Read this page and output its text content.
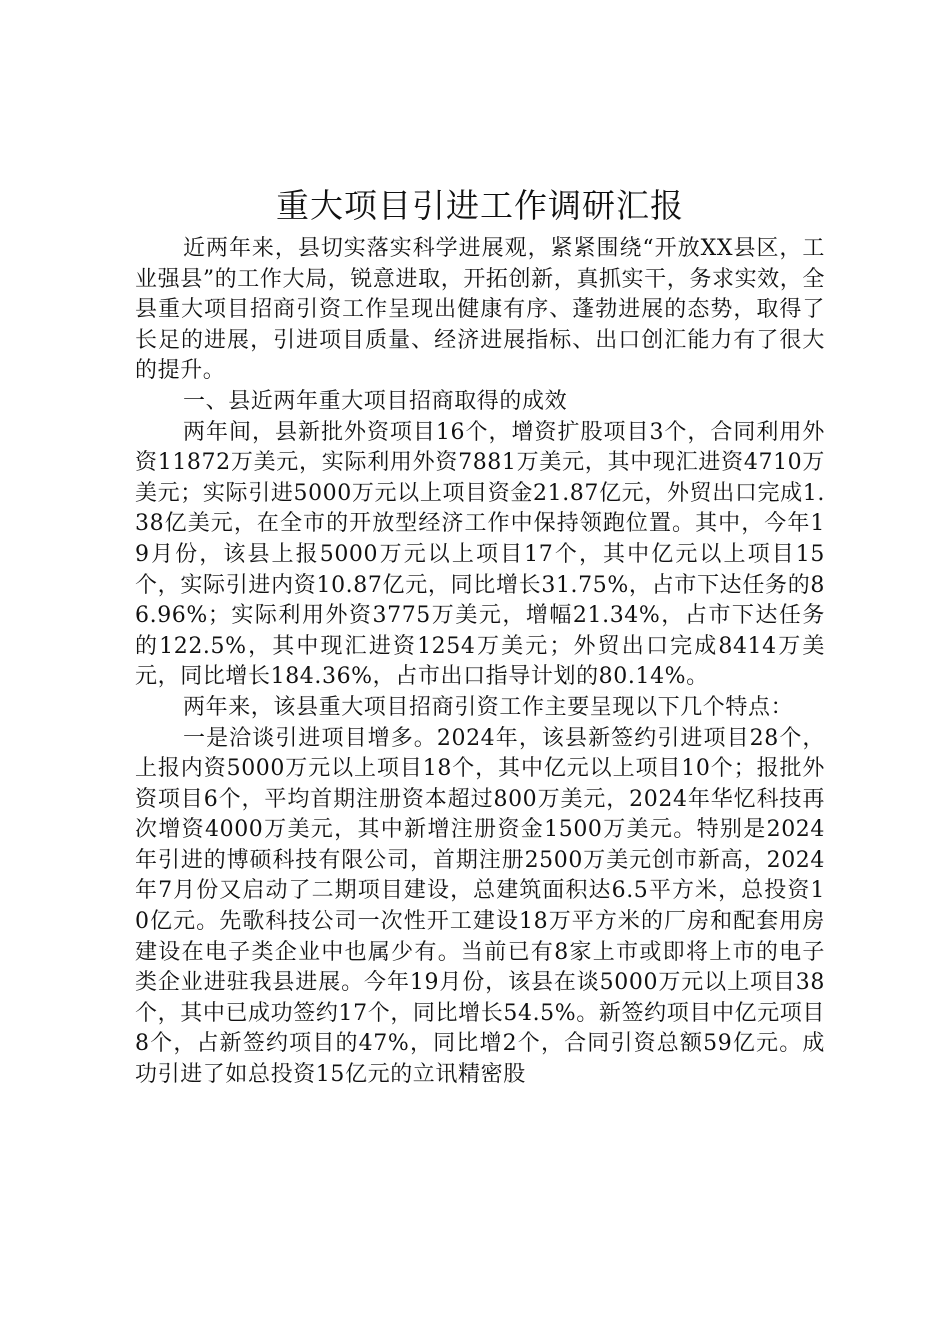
重大项目引进工作调研汇报

近两年来，县切实落实科学进展观，紧紧围绕“开放XX县区，工业强县”的工作大局，锐意进取，开拓创新，真抓实干，务求实效，全县重大项目招商引资工作呈现出健康有序、蓬勃进展的态势，取得了长足的进展，引进项目质量、经济进展指标、出口创汇能力有了很大的提升。

一、县近两年重大项目招商取得的成效

两年间，县新批外资项目16个，增资扩股项目3个，合同利用外资11872万美元，实际利用外资7881万美元，其中现汇进资4710万美元；实际引进5000万元以上项目资金21.87亿元，外贸出口完成1.38亿美元，在全市的开放型经济工作中保持领跑位置。其中，今年19月份，该县上报5000万元以上项目17个，其中亿元以上项目15个，实际引进内资10.87亿元，同比增长31.75%，占市下达任务的86.96%；实际利用外资3775万美元，增幅21.34%，占市下达任务的122.5%，其中现汇进资1254万美元；外贸出口完成8414万美元，同比增长184.36%，占市出口指导计划的80.14%。

两年来，该县重大项目招商引资工作主要呈现以下几个特点：

一是洽谈引进项目增多。2024年，该县新签约引进项目28个，上报内资5000万元以上项目18个，其中亿元以上项目10个；报批外资项目6个，平均首期注册资本超过800万美元，2024年华忆科技再次增资4000万美元，其中新增注册资金1500万美元。特别是2024年引进的博硕科技有限公司，首期注册2500万美元创市新高，2024年7月份又启动了二期项目建设，总建筑面积达6.5平方米，总投资10亿元。先歌科技公司一次性开工建设18万平方米的厂房和配套用房建设在电子类企业中也属少有。当前已有8家上市或即将上市的电子类企业进驻我县进展。今年19月份，该县在谈5000万元以上项目38个，其中已成功签约17个，同比增长54.5%。新签约项目中亿元项目8个，占新签约项目的47%，同比增2个，合同引资总额59亿元。成功引进了如总投资15亿元的立讯精密股
